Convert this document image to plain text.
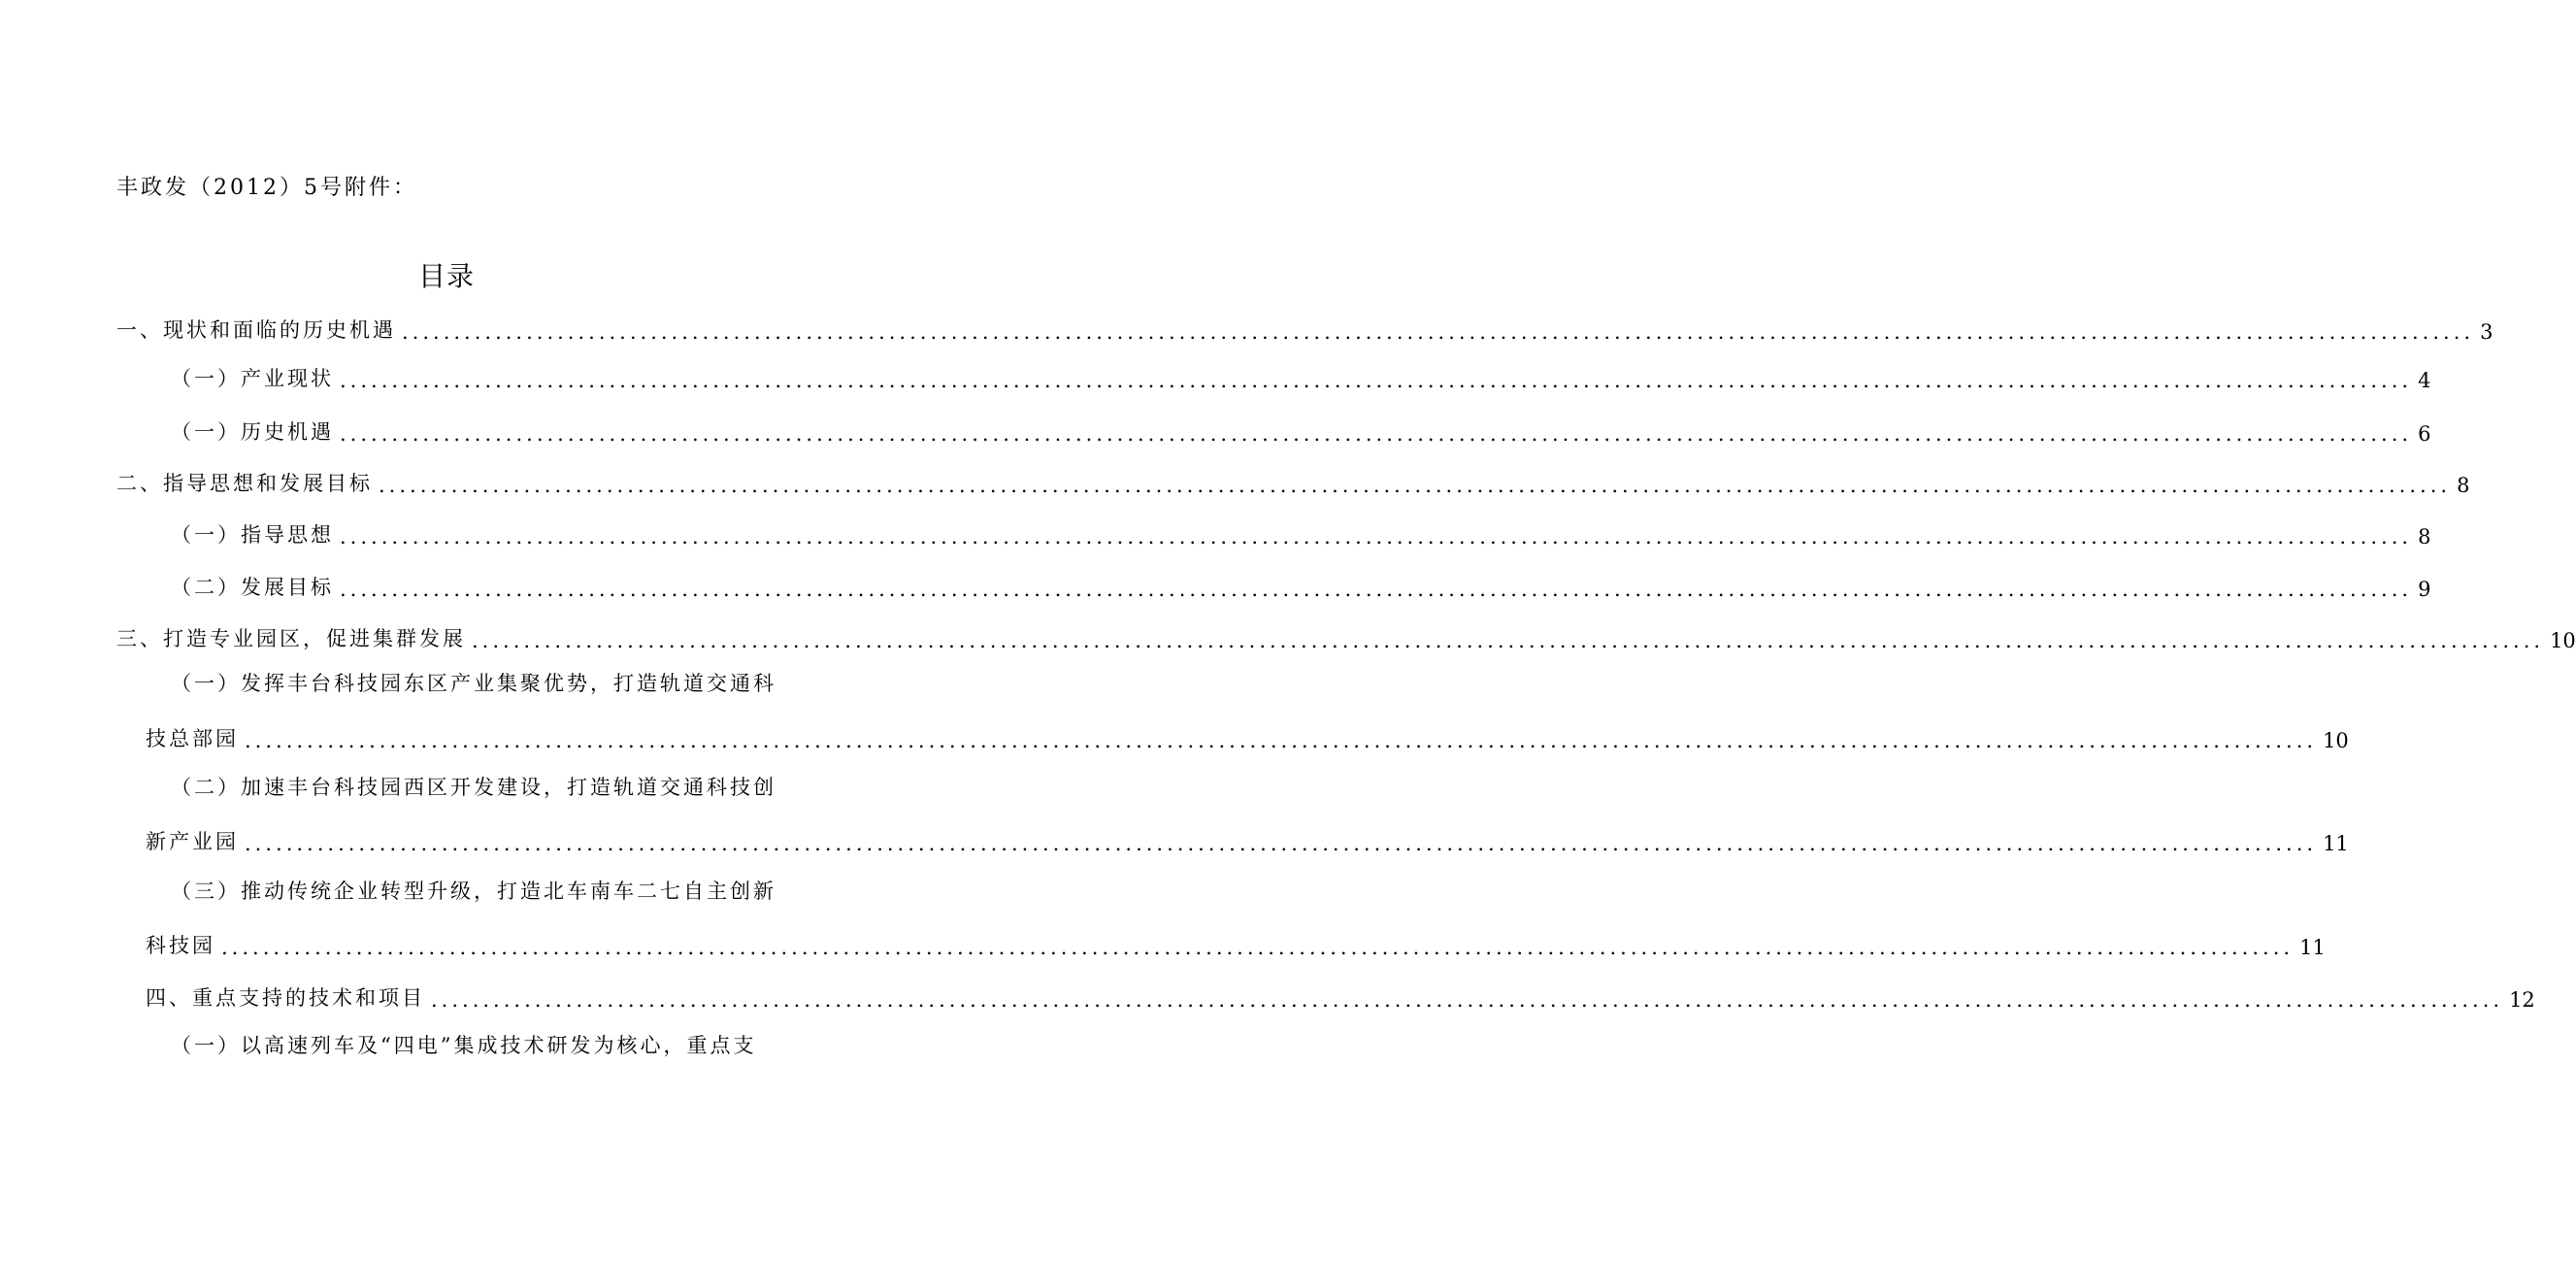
丰政发（2012）5号附件：
目录
一、现状和面临的历史机遇 ........................................................................................................................................................................................................ 3
（一）产业现状 ........................................................................................................................................................................................................ 4
（一）历史机遇 ........................................................................................................................................................................................................ 6
二、指导思想和发展目标 ........................................................................................................................................................................................................ 8
（一）指导思想 ........................................................................................................................................................................................................ 8
（二）发展目标 ........................................................................................................................................................................................................ 9
三、打造专业园区，促进集群发展 ........................................................................................................................................................................................................ 10
（一）发挥丰台科技园东区产业集聚优势，打造轨道交通科
技总部园 ........................................................................................................................................................................................................ 10
（二）加速丰台科技园西区开发建设，打造轨道交通科技创
新产业园 ........................................................................................................................................................................................................ 11
（三）推动传统企业转型升级，打造北车南车二七自主创新
科技园 ........................................................................................................................................................................................................ 11
四、重点支持的技术和项目 ........................................................................................................................................................................................................ 12
（一）以高速列车及“四电”集成技术研发为核心，重点支
